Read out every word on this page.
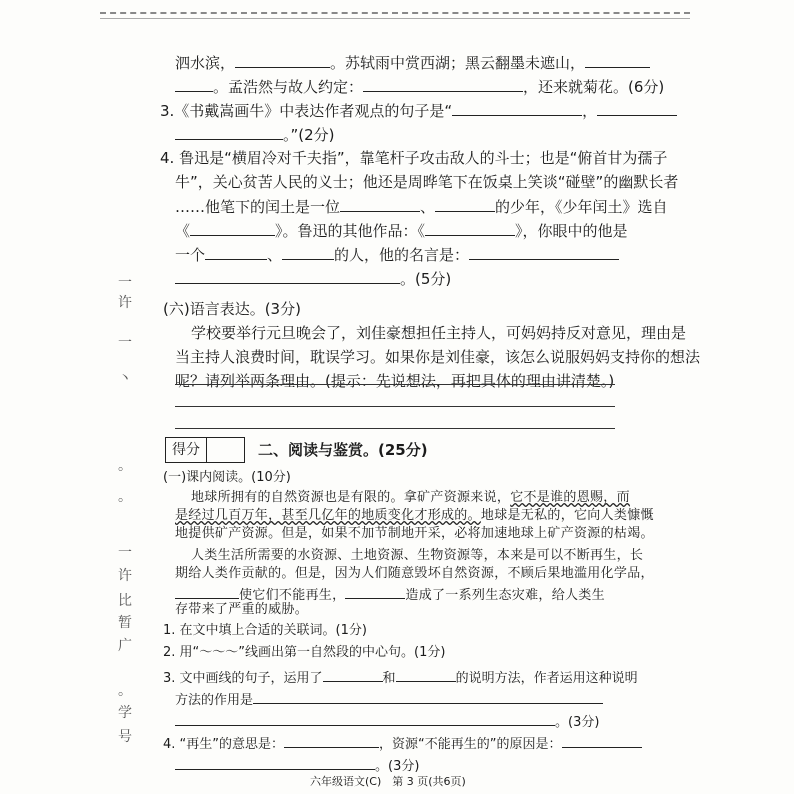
一
许
一
丶
。
。
一
许
比
暂
广
。
学
号
泗水滨，	。苏轼雨中赏西湖；黑云翻墨未遮山，
。孟浩然与故人约定：	，还来就菊花。(6分)
3.《书戴嵩画牛》中表达作者观点的句子是“	，
。”(2分)
4. 鲁迅是“横眉冷对千夫指”，靠笔杆子攻击敌人的斗士；也是“俯首甘为孺子
牛”，关心贫苦人民的义士；他还是周晔笔下在饭桌上笑谈“碰壁”的幽默长者
……他笔下的闰土是一位	、	的少年，《少年闰土》选自
《	》。鲁迅的其他作品：《	》，你眼中的他是
一个	、	的人，他的名言是：
。(5分)
(六)语言表达。(3分)
学校要举行元旦晚会了，刘佳豪想担任主持人，可妈妈持反对意见，理由是
当主持人浪费时间，耽误学习。如果你是刘佳豪，该怎么说服妈妈支持你的想法
呢？请列举两条理由。(提示：先说想法，再把具体的理由讲清楚。)
得分	二、阅读与鉴赏。(25分)
(一)课内阅读。(10分)
地球所拥有的自然资源也是有限的。拿矿产资源来说，它不是谁的恩赐，而
是经过几百万年，甚至几亿年的地质变化才形成的。地球是无私的，它向人类慷慨
地提供矿产资源。但是，如果不加节制地开采，必将加速地球上矿产资源的枯竭。
人类生活所需要的水资源、土地资源、生物资源等，本来是可以不断再生，长
期给人类作贡献的。但是，因为人们随意毁坏自然资源，不顾后果地滥用化学品，
使它们不能再生，	造成了一系列生态灾难，给人类生
存带来了严重的威胁。
1. 在文中填上合适的关联词。(1分)
2. 用“～～～”线画出第一自然段的中心句。(1分)
3. 文中画线的句子，运用了	和	的说明方法，作者运用这种说明
方法的作用是
。(3分)
4. “再生”的意思是：	，资源“不能再生的”的原因是：
。(3分)
六年级语文(C)　第 3 页(共6页)
